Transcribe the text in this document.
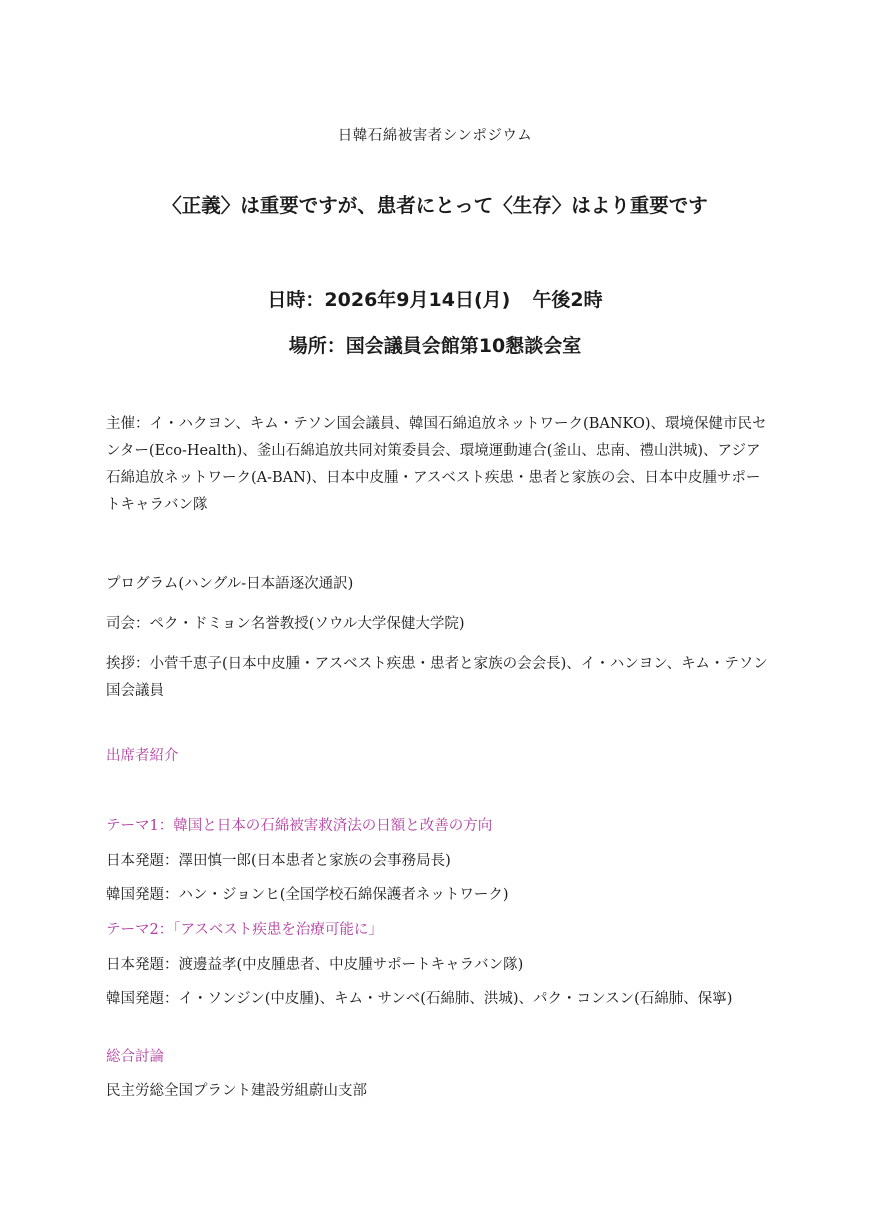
日韓石綿被害者シンポジウム
〈正義〉は重要ですが、患者にとって〈生存〉はより重要です
日時：2026年9月14日(月) 午後2時
場所：国会議員会館第10懇談会室
主催：イ・ハクヨン、キム・テソン国会議員、韓国石綿追放ネットワーク(BANKO)、環境保健市民センター(Eco-Health)、釜山石綿追放共同対策委員会、環境運動連合(釜山、忠南、禮山洪城)、アジア石綿追放ネットワーク(A-BAN)、日本中皮腫・アスベスト疾患・患者と家族の会、日本中皮腫サポートキャラバン隊
プログラム(ハングル-日本語逐次通訳)
司会：ペク・ドミョン名誉教授(ソウル大学保健大学院)
挨拶：小菅千恵子(日本中皮腫・アスベスト疾患・患者と家族の会会長)、イ・ハンヨン、キム・テソン国会議員
出席者紹介
テーマ1：韓国と日本の石綿被害救済法の日額と改善の方向
日本発題：澤田慎一郎(日本患者と家族の会事務局長)
韓国発題：ハン・ジョンヒ(全国学校石綿保護者ネットワーク)
テーマ2：「アスベスト疾患を治療可能に」
日本発題：渡邊益孝(中皮腫患者、中皮腫サポートキャラバン隊)
韓国発題：イ・ソンジン(中皮腫)、キム・サンベ(石綿肺、洪城)、パク・コンスン(石綿肺、保寧)
総合討論
民主労総全国プラント建設労組蔚山支部
